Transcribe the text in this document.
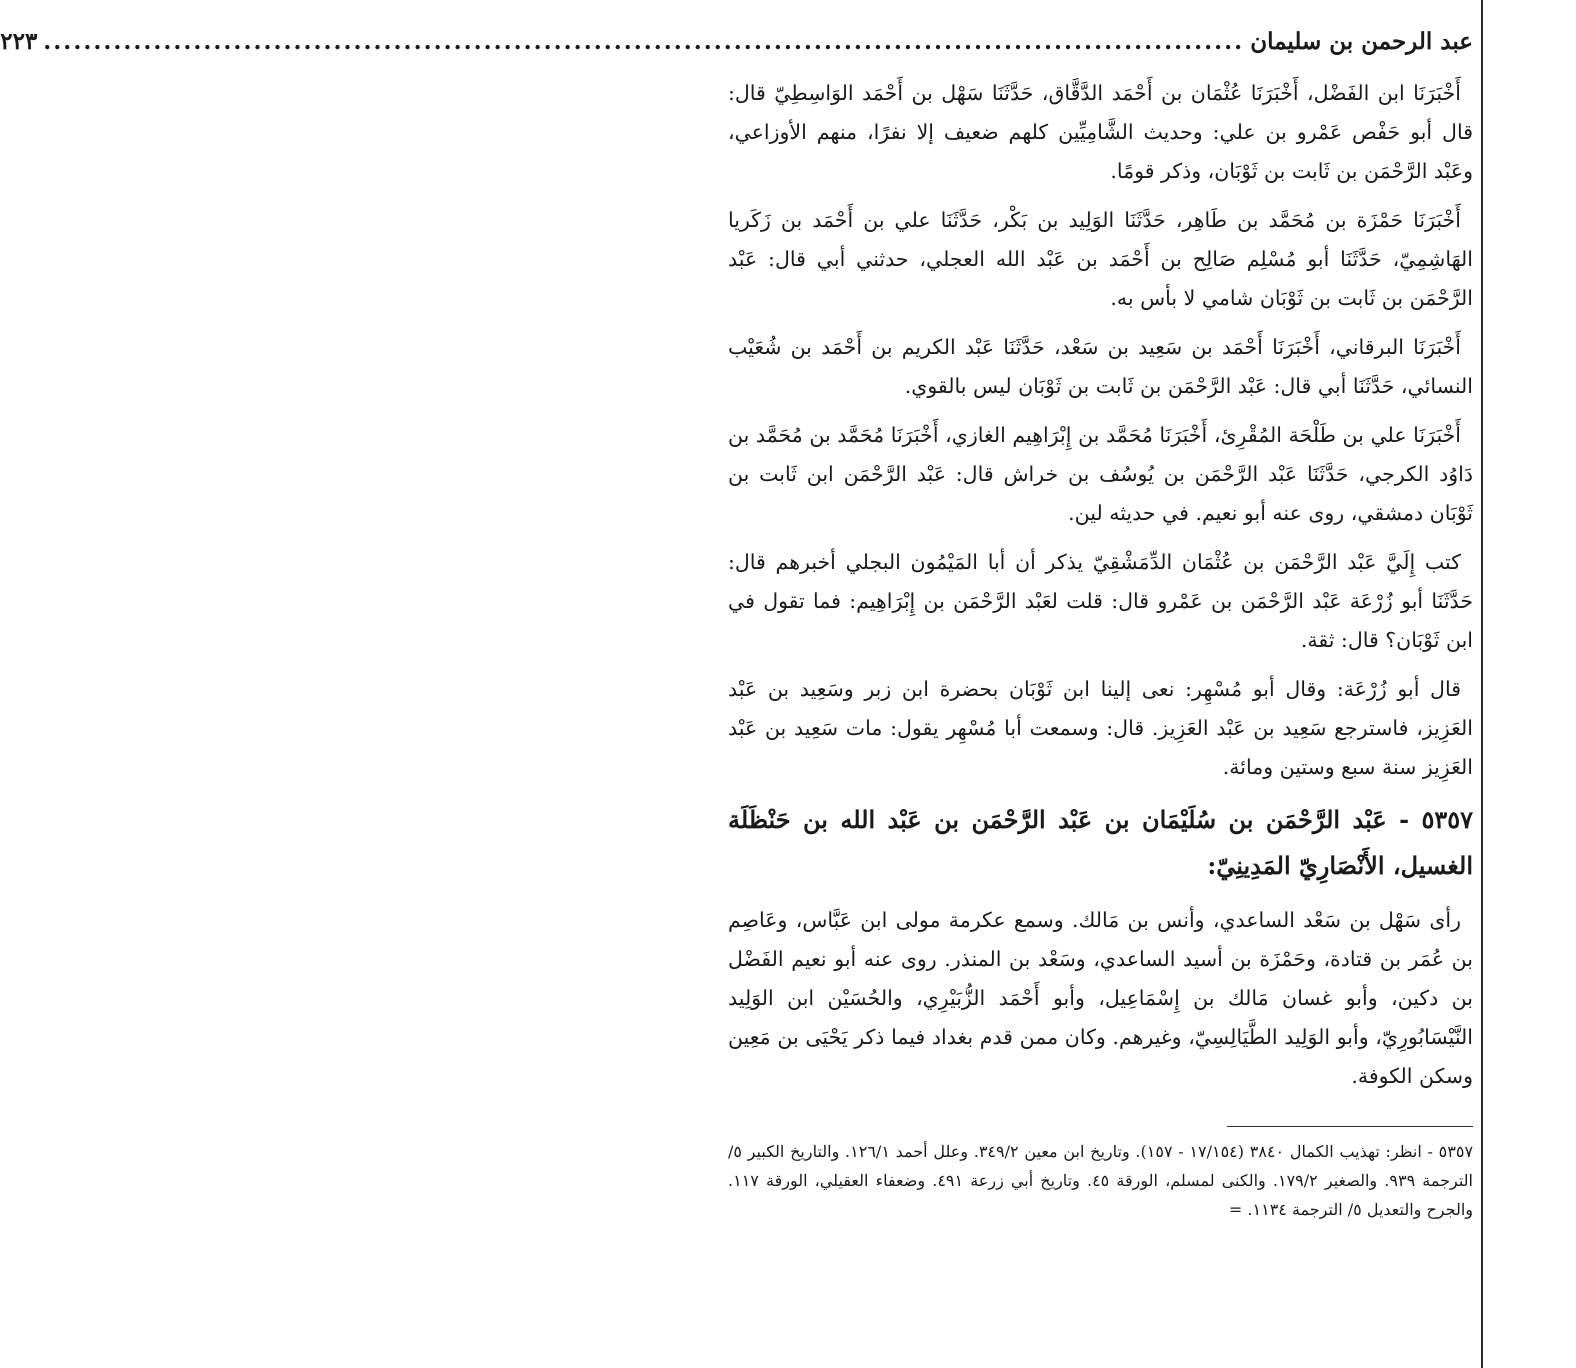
عبد الرحمن بن سليمان
........................................................................................................................
٢٢٣

أَخْبَرَنَا ابن الفَضْل، أَخْبَرَنَا عُثْمَان بن أَحْمَد الدَّقَّاق، حَدَّثَنَا سَهْل بن أَحْمَد الوَاسِطِيّ قال: قال أبو حَفْص عَمْرو بن علي: وحديث الشَّامِيِّين كلهم ضعيف إلا نفرًا، منهم الأوزاعي، وعَبْد الرَّحْمَن بن ثَابت بن ثَوْبَان، وذكر قومًا.

أَخْبَرَنَا حَمْزَة بن مُحَمَّد بن طَاهِر، حَدَّثَنَا الوَلِيد بن بَكْر، حَدَّثَنَا علي بن أَحْمَد بن زَكَريا الهَاشِمِيّ، حَدَّثَنَا أبو مُسْلِم صَالِح بن أَحْمَد بن عَبْد الله العجلي، حدثني أبي قال: عَبْد الرَّحْمَن بن ثَابت بن ثَوْبَان شامي لا بأس به.

أَخْبَرَنَا البرقاني، أَخْبَرَنَا أَحْمَد بن سَعِيد بن سَعْد، حَدَّثَنَا عَبْد الكريم بن أَحْمَد بن شُعَيْب النسائي، حَدَّثَنَا أبي قال: عَبْد الرَّحْمَن بن ثَابت بن ثَوْبَان ليس بالقوي.

أَخْبَرَنَا علي بن طَلْحَة المُقْرِئ، أَخْبَرَنَا مُحَمَّد بن إِبْرَاهِيم الغازي، أَخْبَرَنَا مُحَمَّد بن مُحَمَّد بن دَاوُد الكرجي، حَدَّثَنَا عَبْد الرَّحْمَن بن يُوسُف بن خراش قال: عَبْد الرَّحْمَن ابن ثَابت بن ثَوْبَان دمشقي، روى عنه أبو نعيم. في حديثه لين.

كتب إِلَيَّ عَبْد الرَّحْمَن بن عُثْمَان الدِّمَشْقِيّ يذكر أن أبا المَيْمُون البجلي أخبرهم قال: حَدَّثَنَا أبو زُرْعَة عَبْد الرَّحْمَن بن عَمْرو قال: قلت لعَبْد الرَّحْمَن بن إِبْرَاهِيم: فما تقول في ابن ثَوْبَان؟ قال: ثقة.

قال أبو زُرْعَة: وقال أبو مُسْهِر: نعى إلينا ابن ثَوْبَان بحضرة ابن زبر وسَعِيد بن عَبْد العَزِيز، فاسترجع سَعِيد بن عَبْد العَزِيز. قال: وسمعت أبا مُسْهِر يقول: مات سَعِيد بن عَبْد العَزِيز سنة سبع وستين ومائة.

٥٣٥٧ - عَبْد الرَّحْمَن بن سُلَيْمَان بن عَبْد الرَّحْمَن بن عَبْد الله بن حَنْظَلَة الغسيل، الأَنْصَارِيّ المَدِينِيّ:

رأى سَهْل بن سَعْد الساعدي، وأنس بن مَالك. وسمع عكرمة مولى ابن عَبَّاس، وعَاصِم بن عُمَر بن قتادة، وحَمْزَة بن أسيد الساعدي، وسَعْد بن المنذر. روى عنه أبو نعيم الفَضْل بن دكين، وأبو غسان مَالك بن إِسْمَاعِيل، وأبو أَحْمَد الزُّبَيْرِي، والحُسَيْن ابن الوَلِيد النَّيْسَابُورِيّ، وأبو الوَلِيد الطَّيَالِسِيّ، وغيرهم. وكان ممن قدم بغداد فيما ذكر يَحْيَى بن مَعِين وسكن الكوفة.

٥٣٥٧ - انظر: تهذيب الكمال ٣٨٤٠ (١٧/١٥٤ - ١٥٧). وتاريخ ابن معين ٣٤٩/٢. وعلل أحمد ١٢٦/١. والتاريخ الكبير ٥/ الترجمة ٩٣٩. والصغير ١٧٩/٢. والكنى لمسلم، الورقة ٤٥. وتاريخ أبي زرعة ٤٩١. وضعفاء العقيلي، الورقة ١١٧. والجرح والتعديل ٥/ الترجمة ١١٣٤. =
